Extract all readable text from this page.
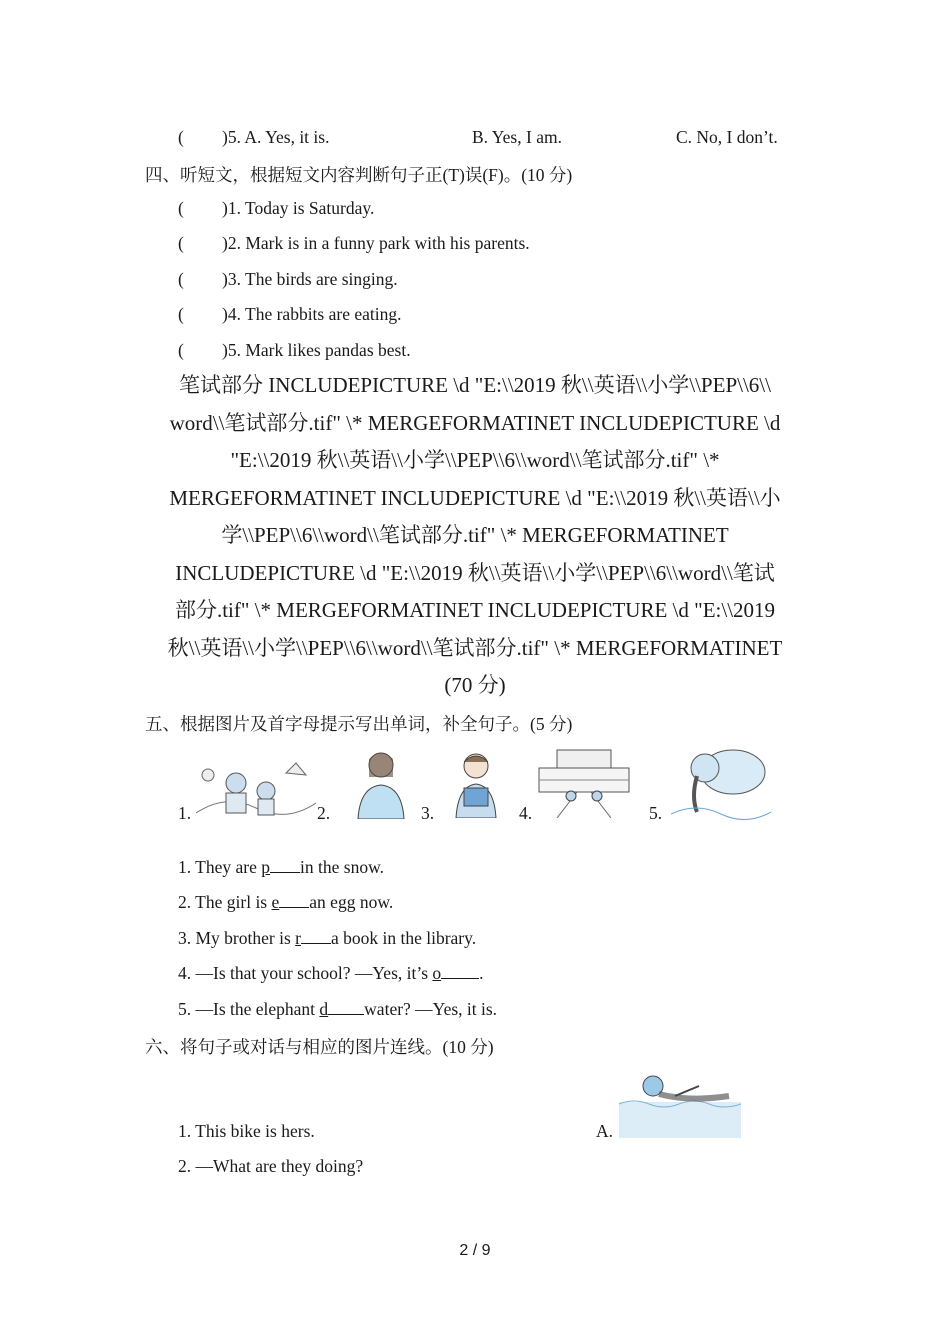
( )5. A. Yes, it is.	B. Yes, I am.	C. No, I don’t.
四、听短文，根据短文内容判断句子正(T)误(F)。(10 分)
( )1. Today is Saturday.
( )2. Mark is in a funny park with his parents.
( )3. The birds are singing.
( )4. The rabbits are eating.
( )5. Mark likes pandas best.
笔试部分 INCLUDEPICTURE \d "E:\\2019 秋\\英语\\小学\\PEP\\6\\
word\\笔试部分.tif" \* MERGEFORMATINET INCLUDEPICTURE \d
"E:\\2019 秋\\英语\\小学\\PEP\\6\\word\\笔试部分.tif" \*
MERGEFORMATINET INCLUDEPICTURE \d "E:\\2019 秋\\英语\\小
学\\PEP\\6\\word\\笔试部分.tif" \* MERGEFORMATINET
INCLUDEPICTURE \d "E:\\2019 秋\\英语\\小学\\PEP\\6\\word\\笔试
部分.tif" \* MERGEFORMATINET INCLUDEPICTURE \d "E:\\2019
秋\\英语\\小学\\PEP\\6\\word\\笔试部分.tif" \* MERGEFORMATINET
(70 分)
五、根据图片及首字母提示写出单词，补全句子。(5 分)
1.	2.	3.	4.	5.
1. They are p in the snow.
2. The girl is e an egg now.
3. My brother is r a book in the library.
4. —Is that your school? —Yes, it’s o .
5. —Is the elephant d water? —Yes, it is.
六、将句子或对话与相应的图片连线。(10 分)
1. This bike is hers.
2. —What are they doing?
A.
2 / 9
